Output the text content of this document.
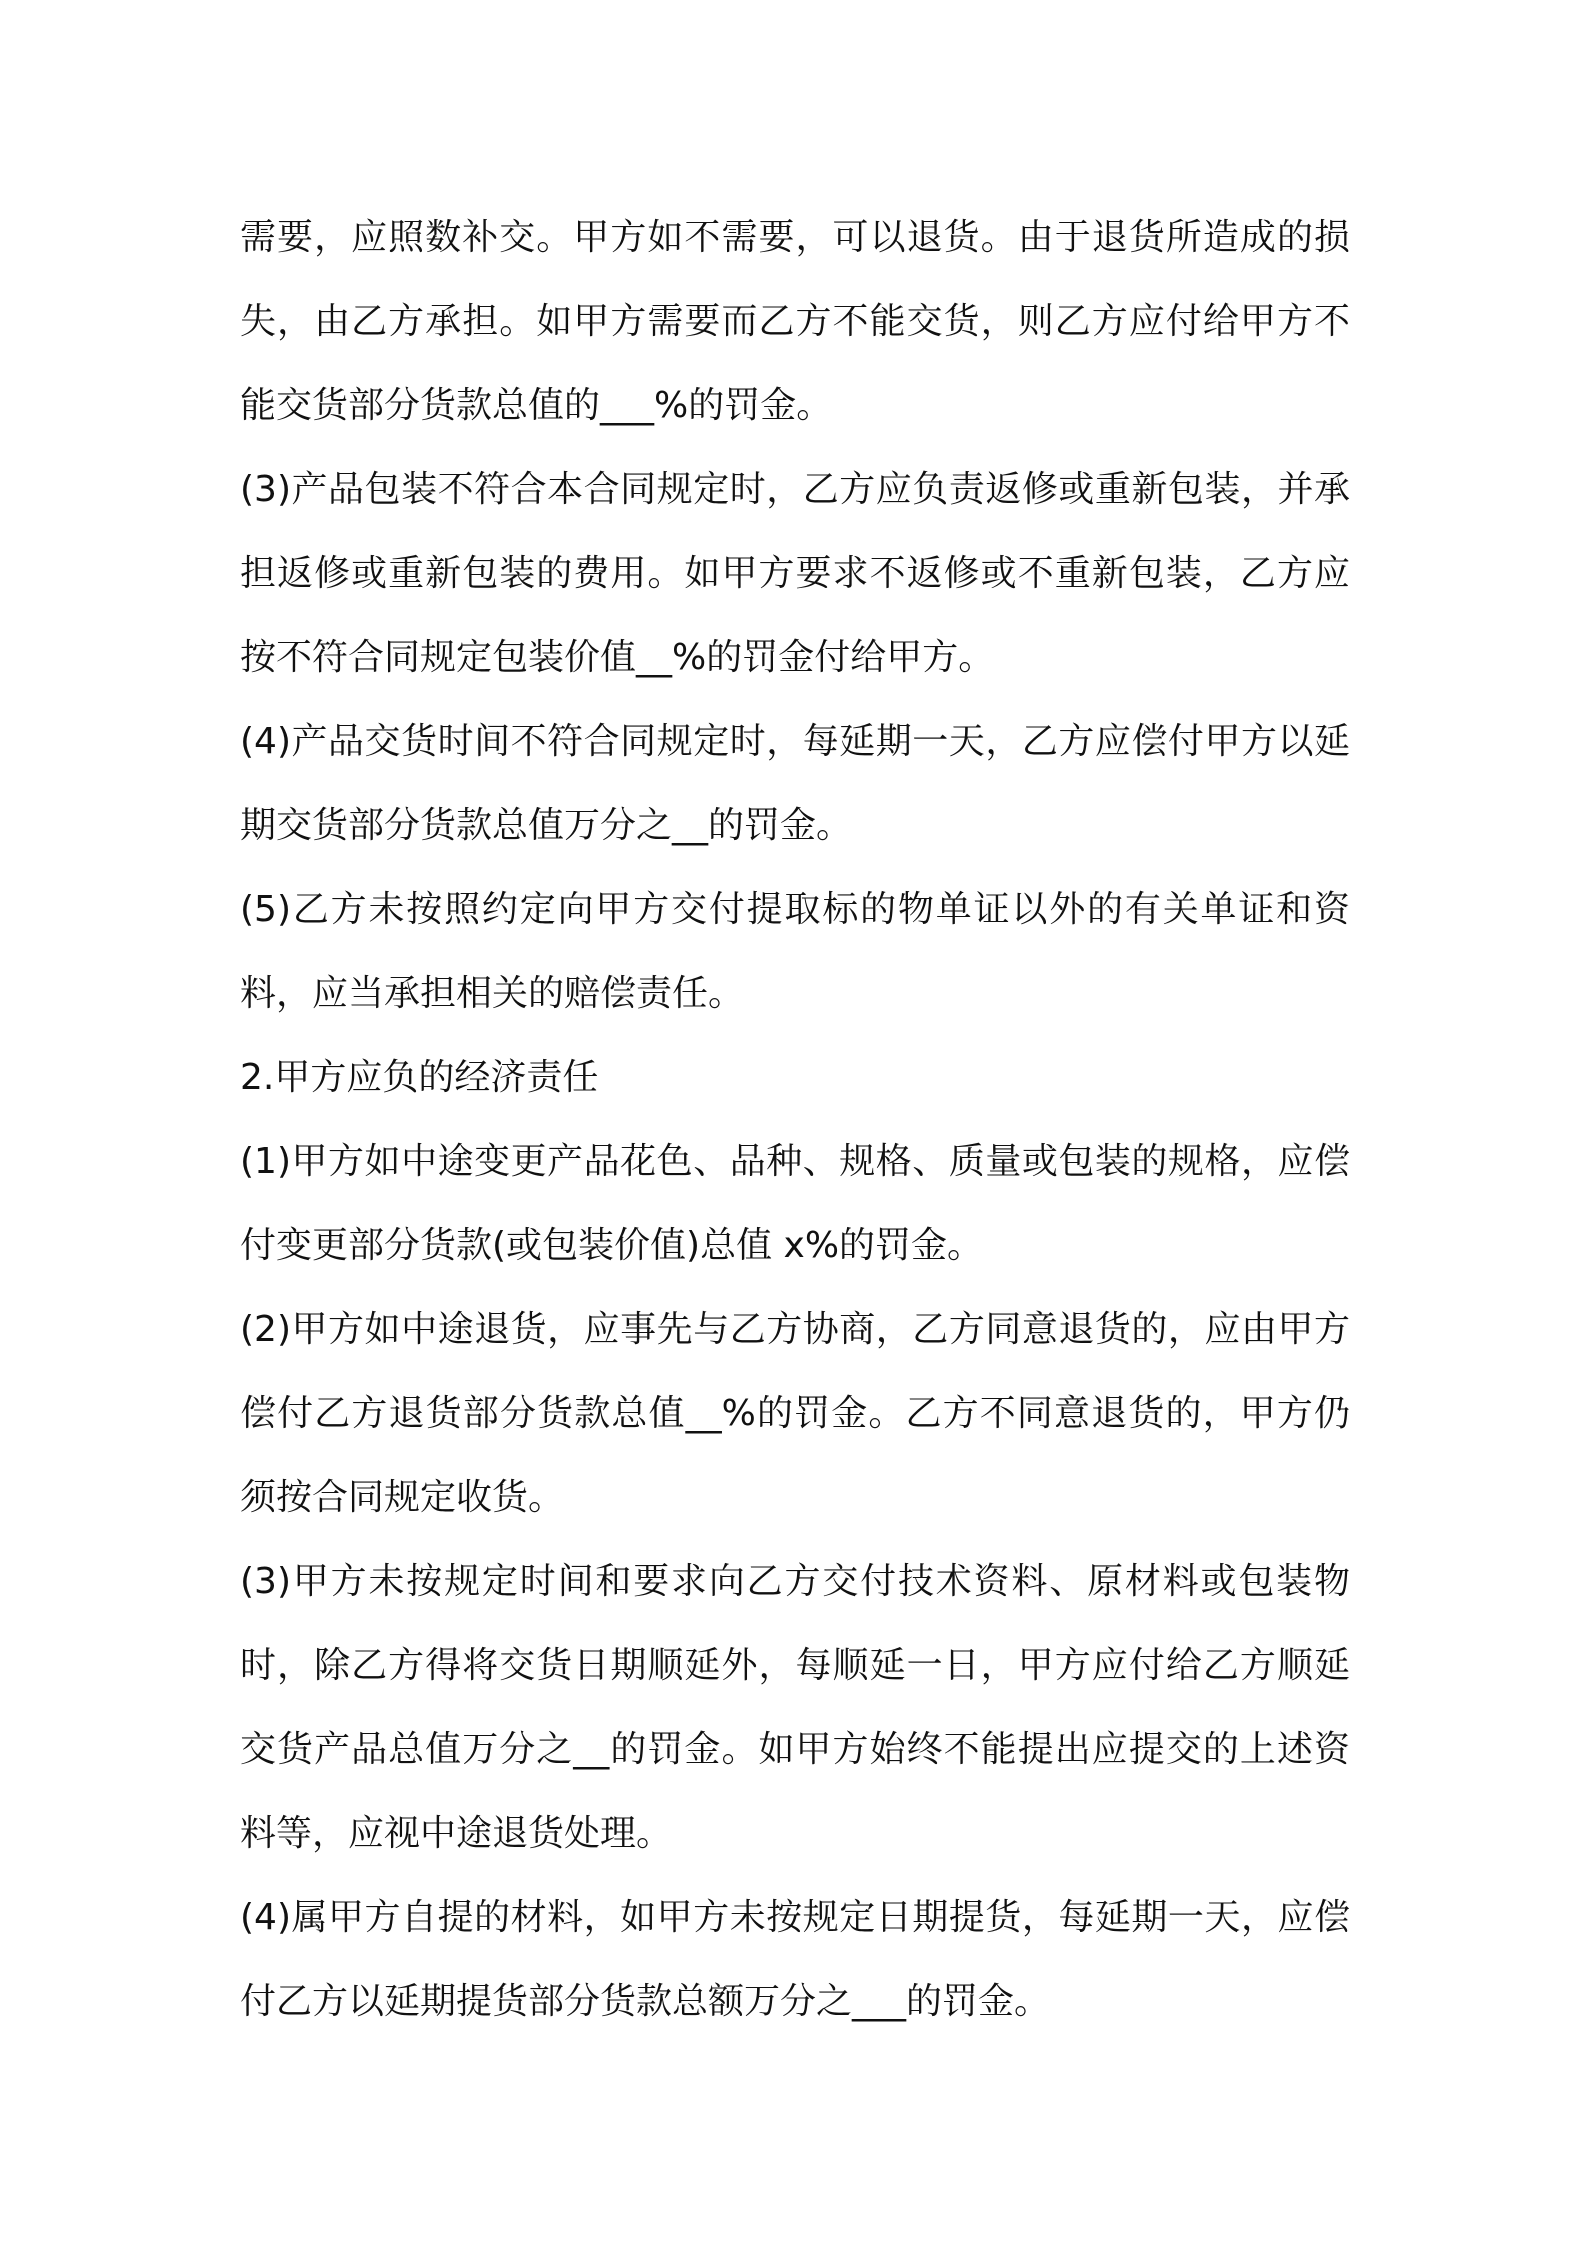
需要，应照数补交。甲方如不需要，可以退货。由于退货所造成的损失，由乙方承担。如甲方需要而乙方不能交货，则乙方应付给甲方不能交货部分货款总值的___%的罚金。

(3)产品包装不符合本合同规定时，乙方应负责返修或重新包装，并承担返修或重新包装的费用。如甲方要求不返修或不重新包装，乙方应按不符合同规定包装价值__%的罚金付给甲方。

(4)产品交货时间不符合同规定时，每延期一天，乙方应偿付甲方以延期交货部分货款总值万分之__的罚金。

(5)乙方未按照约定向甲方交付提取标的物单证以外的有关单证和资料，应当承担相关的赔偿责任。

2.甲方应负的经济责任

(1)甲方如中途变更产品花色、品种、规格、质量或包装的规格，应偿付变更部分货款(或包装价值)总值 x%的罚金。

(2)甲方如中途退货，应事先与乙方协商，乙方同意退货的，应由甲方偿付乙方退货部分货款总值__%的罚金。乙方不同意退货的，甲方仍须按合同规定收货。

(3)甲方未按规定时间和要求向乙方交付技术资料、原材料或包装物时，除乙方得将交货日期顺延外，每顺延一日，甲方应付给乙方顺延交货产品总值万分之__的罚金。如甲方始终不能提出应提交的上述资料等，应视中途退货处理。

(4)属甲方自提的材料，如甲方未按规定日期提货，每延期一天，应偿付乙方以延期提货部分货款总额万分之___的罚金。
